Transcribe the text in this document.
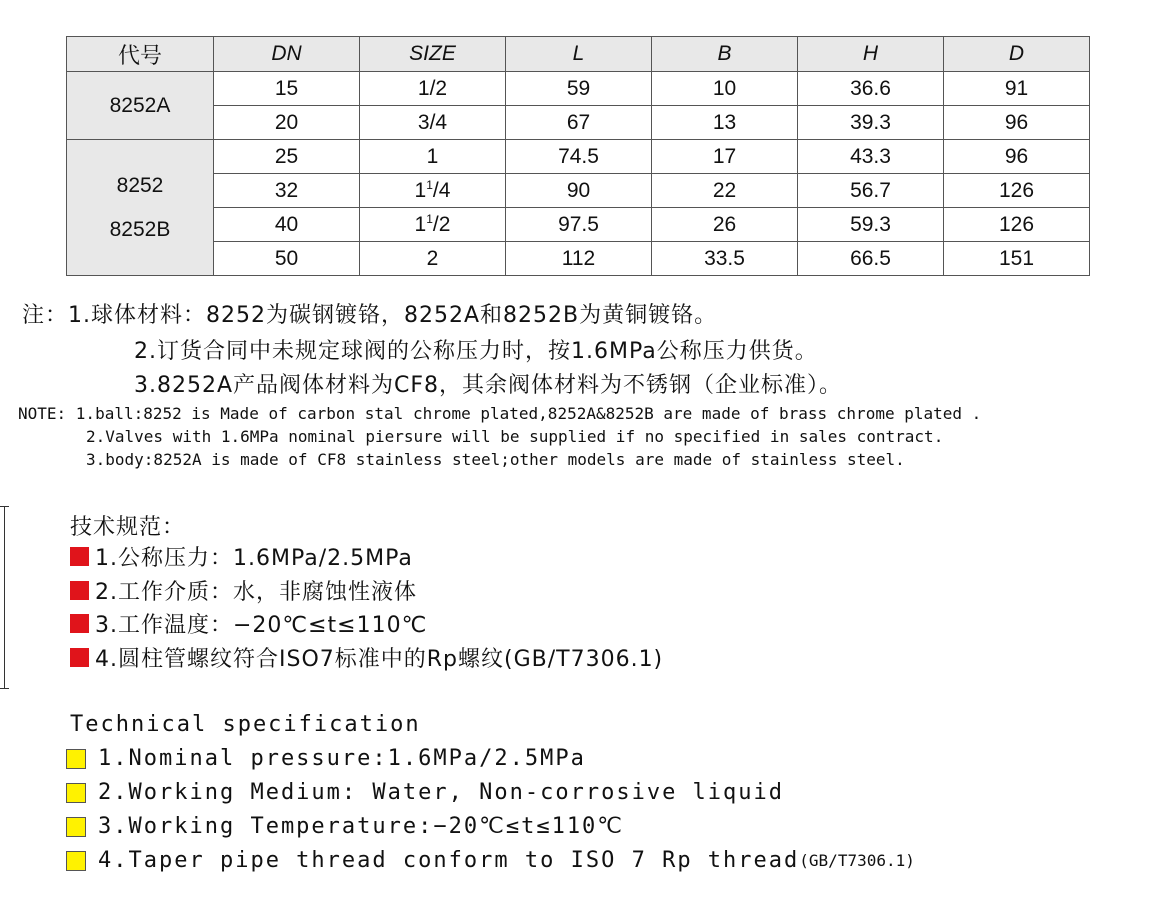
代号	DN	SIZE	L	B	H	D
8252A	15	1/2	59	10	36.6	91
	20	3/4	67	13	39.3	96

8252
8252B	25	1	74.5	17	43.3	96
	32	$1^1/4$	90	22	56.7	126
	40	$1^1/2$	97.5	26	59.3	126
	50	2	112	33.5	66.5	151
注：1.球体材料：8252为碳钢镀铬，8252A和8252B为黄铜镀铬。
2.订货合同中未规定球阀的公称压力时，按1.6MPa公称压力供货。
3.8252A产品阀体材料为CF8，其余阀体材料为不锈钢（企业标准）。
NOTE: 1.ball:8252 is Made of carbon stal chrome plated,8252A&8252B are made of brass chrome plated .
2.Valves with 1.6MPa nominal piersure will be supplied if no specified in sales contract.
3.body:8252A is made of CF8 stainless steel;other models are made of stainless steel.
技术规范：
1.公称压力：1.6MPa/2.5MPa
2.工作介质：水，非腐蚀性液体
3.工作温度：−20℃≤t≤110℃
4.圆柱管螺纹符合ISO7标准中的Rp螺纹(GB/T7306.1)
Technical specification
1.Nominal pressure:1.6MPa/2.5MPa
2.Working Medium: Water, Non-corrosive liquid
3.Working Temperature:−20℃≤t≤110℃
4.Taper pipe thread conform to ISO 7 Rp thread (GB/T7306.1)
